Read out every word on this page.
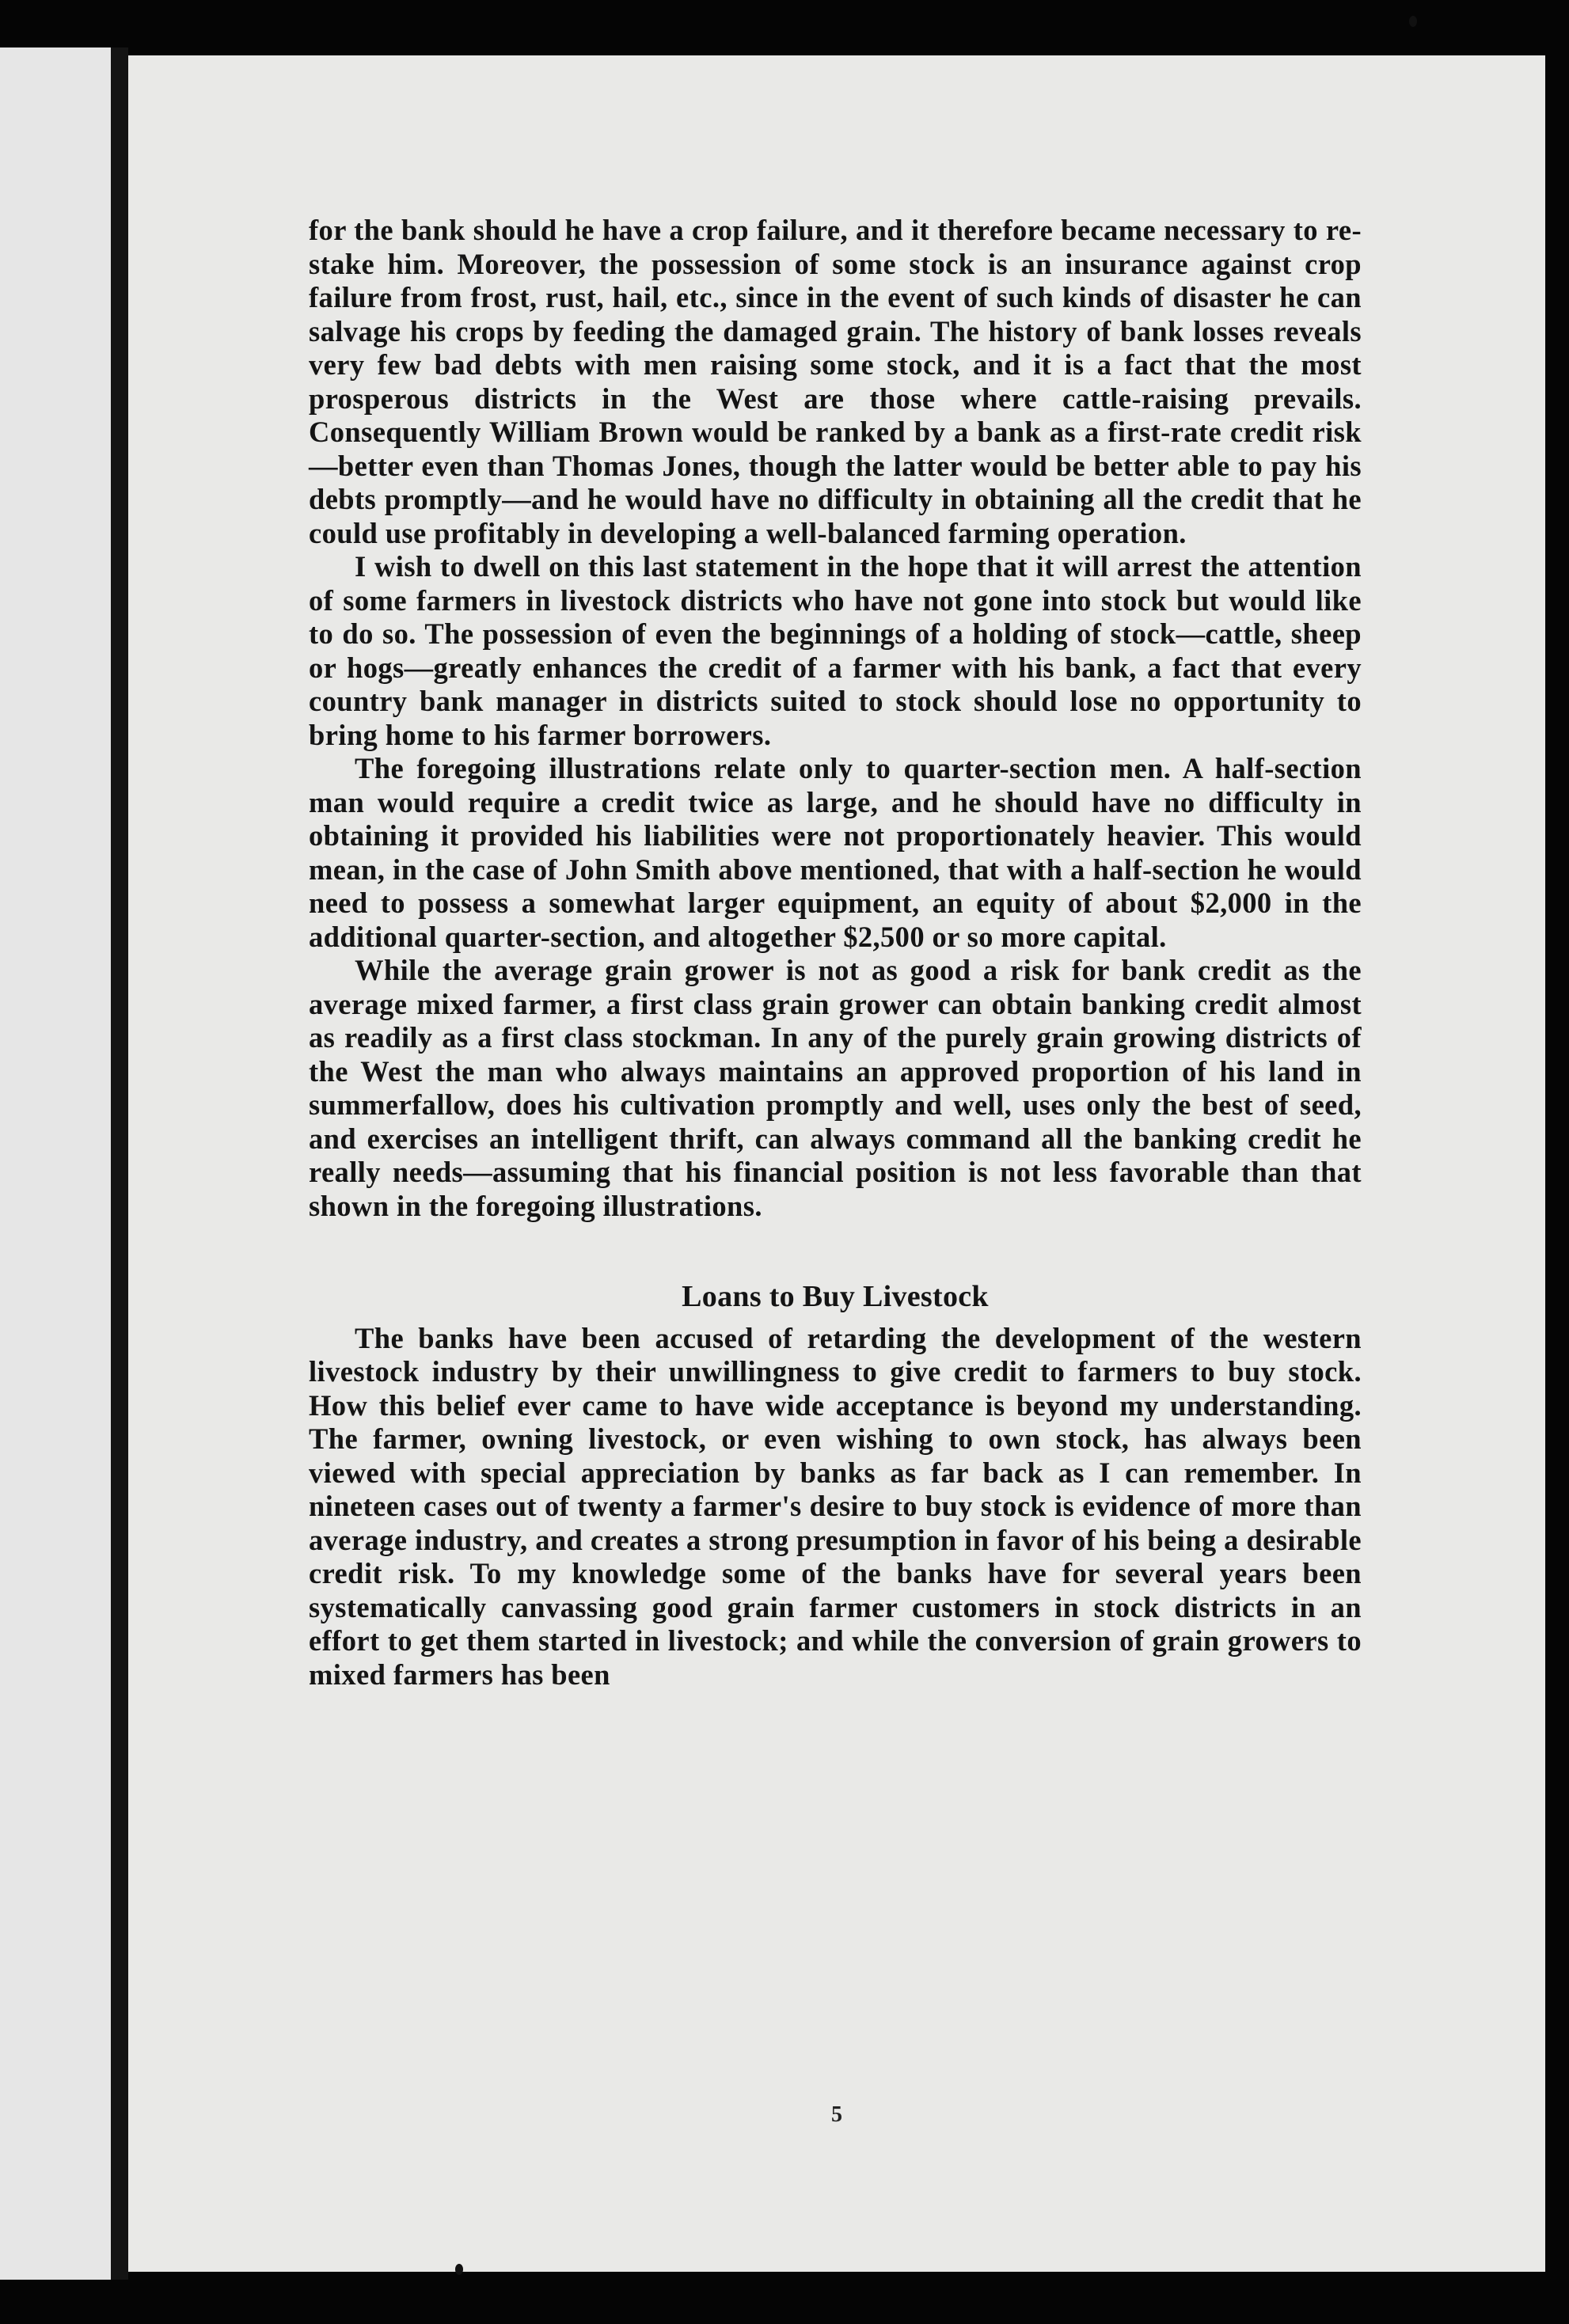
for the bank should he have a crop failure, and it therefore became necessary to re-stake him. Moreover, the possession of some stock is an insurance against crop failure from frost, rust, hail, etc., since in the event of such kinds of disaster he can salvage his crops by feeding the damaged grain. The history of bank losses reveals very few bad debts with men raising some stock, and it is a fact that the most prosperous districts in the West are those where cattle-raising prevails. Consequently William Brown would be ranked by a bank as a first-rate credit risk—better even than Thomas Jones, though the latter would be better able to pay his debts promptly—and he would have no difficulty in obtaining all the credit that he could use profitably in developing a well-balanced farming operation.

I wish to dwell on this last statement in the hope that it will arrest the attention of some farmers in livestock districts who have not gone into stock but would like to do so. The possession of even the beginnings of a holding of stock—cattle, sheep or hogs—greatly enhances the credit of a farmer with his bank, a fact that every country bank manager in districts suited to stock should lose no opportunity to bring home to his farmer borrowers.

The foregoing illustrations relate only to quarter-section men. A half-section man would require a credit twice as large, and he should have no difficulty in obtaining it provided his liabilities were not proportionately heavier. This would mean, in the case of John Smith above mentioned, that with a half-section he would need to possess a somewhat larger equipment, an equity of about $2,000 in the additional quarter-section, and altogether $2,500 or so more capital.

While the average grain grower is not as good a risk for bank credit as the average mixed farmer, a first class grain grower can obtain banking credit almost as readily as a first class stockman. In any of the purely grain growing districts of the West the man who always maintains an approved proportion of his land in summerfallow, does his cultivation promptly and well, uses only the best of seed, and exercises an intelligent thrift, can always command all the banking credit he really needs—assuming that his financial position is not less favorable than that shown in the foregoing illustrations.

Loans to Buy Livestock

The banks have been accused of retarding the development of the western livestock industry by their unwillingness to give credit to farmers to buy stock. How this belief ever came to have wide acceptance is beyond my understanding. The farmer, owning livestock, or even wishing to own stock, has always been viewed with special appreciation by banks as far back as I can remember. In nineteen cases out of twenty a farmer's desire to buy stock is evidence of more than average industry, and creates a strong presumption in favor of his being a desirable credit risk. To my knowledge some of the banks have for several years been systematically canvassing good grain farmer customers in stock districts in an effort to get them started in livestock; and while the conversion of grain growers to mixed farmers has been

5
